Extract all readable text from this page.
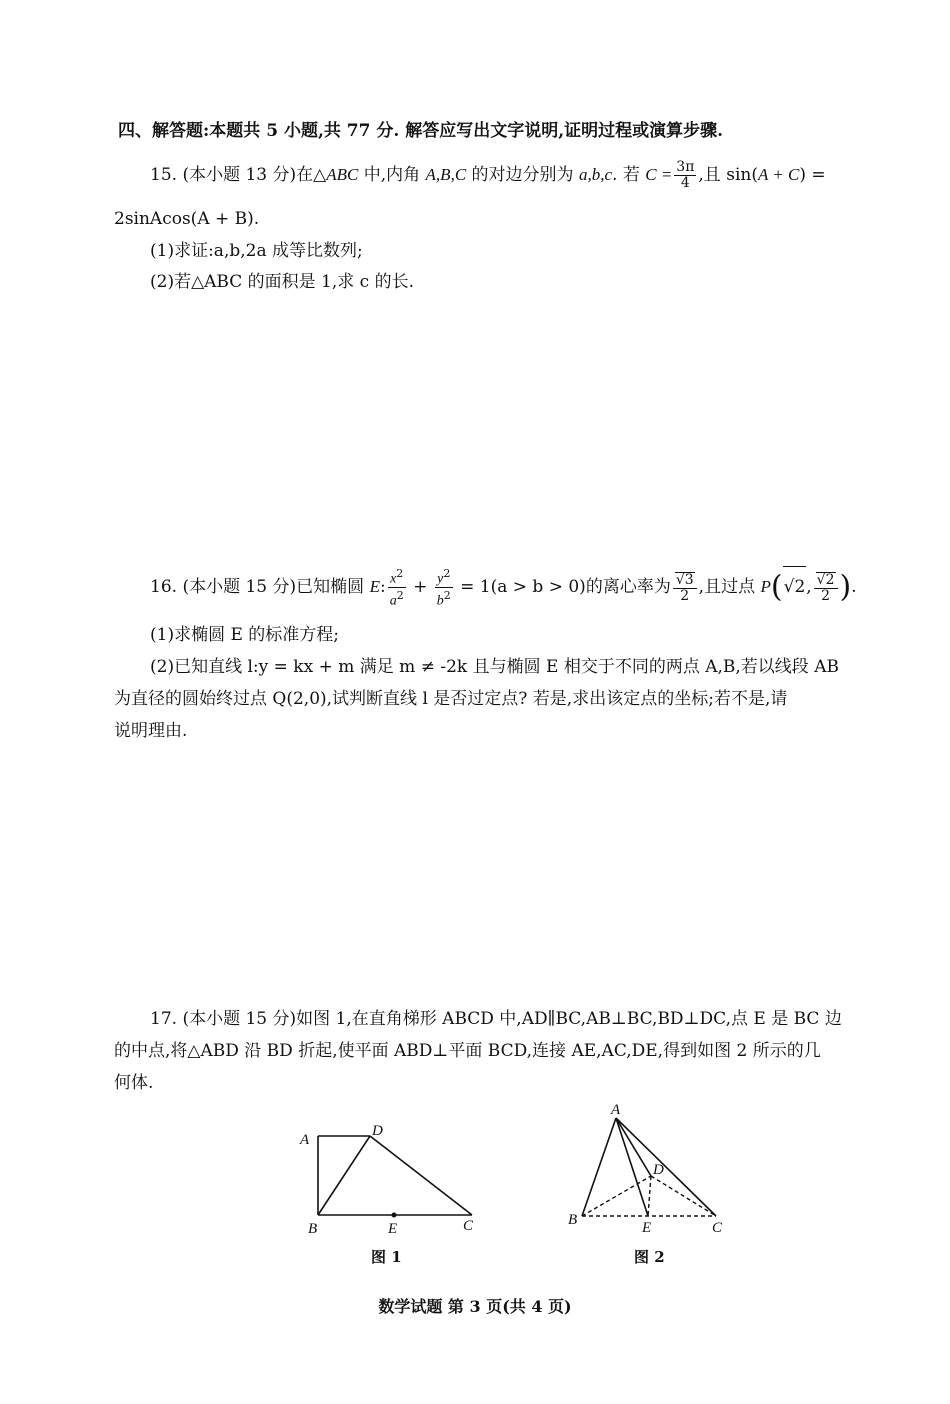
四、解答题:本题共 5 小题,共 77 分. 解答应写出文字说明,证明过程或演算步骤.
15. (本小题 13 分)在△ABC 中,内角 A,B,C 的对边分别为 a,b,c. 若 $C = \frac{3\pi}{4}$ ,且 sin(A + C) =
2sinAcos(A + B).
(1)求证:a,b,2a 成等比数列;
(2)若△ABC 的面积是 1,求 c 的长.
16. (本小题 15 分)已知椭圆 E: $\frac{x^2}{a^2} + \frac{y^2}{b^2} = 1(a > b > 0)$的离心率为 √ $\frac{3}{2}$ ,且过点 P( √ 2, √ $\frac{2}{2}$ ).
(1)求椭圆 E 的标准方程;
(2)已知直线 l:y = kx + m 满足 m ≠ -2k 且与椭圆 E 相交于不同的两点 A,B,若以线段 AB
为直径的圆始终过点 Q(2,0),试判断直线 l 是否过定点? 若是,求出该定点的坐标;若不是,请
说明理由.
17. (本小题 15 分)如图 1,在直角梯形 ABCD 中,AD∥BC,AB⊥BC,BD⊥DC,点 E 是 BC 边
的中点,将△ABD 沿 BD 折起,使平面 ABD⊥平面 BCD,连接 AE,AC,DE,得到如图 2 所示的几
何体.
A
D
B	E	C
图 1
A
D
B	E	C
图 2
数学试题 第 3 页(共 4 页)
